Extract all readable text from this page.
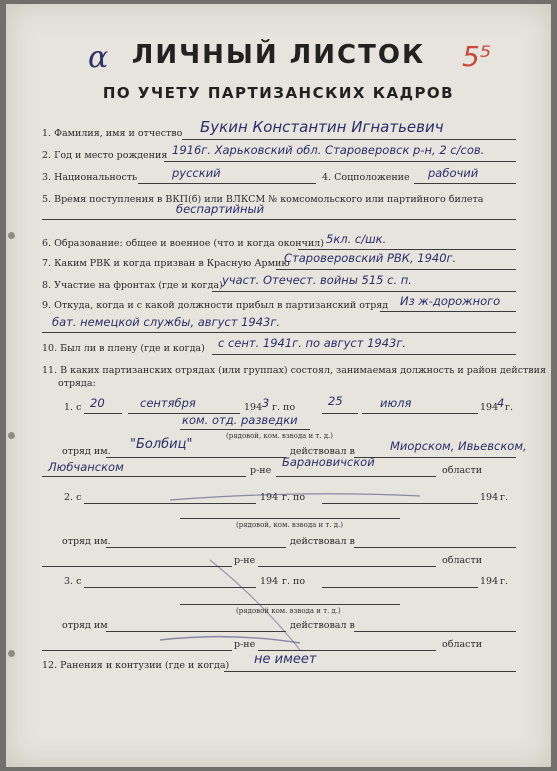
α ЛИЧНЫЙ ЛИСТОК
ПО УЧЕТУ ПАРТИЗАНСКИХ КАДРОВ
5⁵
1. Фамилия, имя и отчество Букин Константин Игнатьевич
2. Год и место рождения 1916г. Харьковский обл. Староверовск р-н, 2 с/сов.
3. Национальность	русский	4. Соцположение рабочий
5. Время поступления в ВКП(б) или ВЛКСМ № комсомольского или партийного билета
беспартийный
6. Образование: общее и военное (что и когда окончил) 5кл. с/шк.
7. Каким РВК и когда призван в Красную Армию
Староверовский РВК, 1940г.
8. Участие на фронтах (где и когда) участ. Отечест. войны 515 с. п.
9. Откуда, когда и с какой должности прибыл в партизанский отряд Из ж-дорожного
бат. немецкой службы, август 1943г.
10. Был ли в плену (где и когда) с сент. 1941г. по август 1943г.
11. В каких партизанских отрядах (или группах) состоял, занимаемая должность и район действия
отряда:
1. с 20	сентября	194 3 г. по	25	июля	194
4 г.
ком. отд. разведки
(рядовой, ком. взвода и т. д.)
отряд им. "Болбиц"	действовал в	Миорском, Ивьевском,
Любчанском	р-не
Барановичской
области
2. с	194 г. по	194 г.
(рядовой, ком. взвода и т. д.)
отряд им.	действовал в
р-не	области
3. с	194 г. по	194 г.
(рядовой ком. взвода и т. д.)
отряд им	действовал в
р-не	области
12. Ранения и контузии (где и когда) не имеет
